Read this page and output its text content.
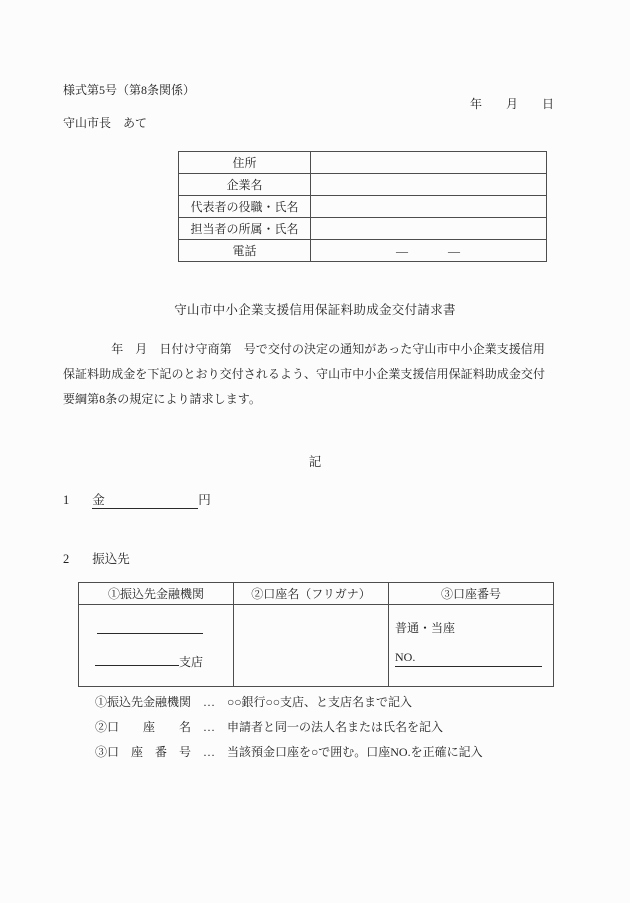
様式第5号（第8条関係）
年　　月　　日
守山市長　あて
住所	
企業名	
代表者の役職・氏名	
担当者の所属・氏名	
電話	―　　　―
守山市中小企業支援信用保証料助成金交付請求書
　　　　年　月　日付け守商第　号で交付の決定の通知があった守山市中小企業支援信用
保証料助成金を下記のとおり交付されるよう、守山市中小企業支援信用保証料助成金交付
要綱第8条の規定により請求します。
記
1 金	円
2 振込先
①振込先金融機関	②口座名（フリガナ）	③口座番号

支店		普通・当座
NO.
①振込先金融機関　…　○○銀行○○支店、と支店名まで記入
②口　　座　　名　…　申請者と同一の法人名または氏名を記入
③口　座　番　号　…　当該預金口座を○で囲む。口座NO.を正確に記入
